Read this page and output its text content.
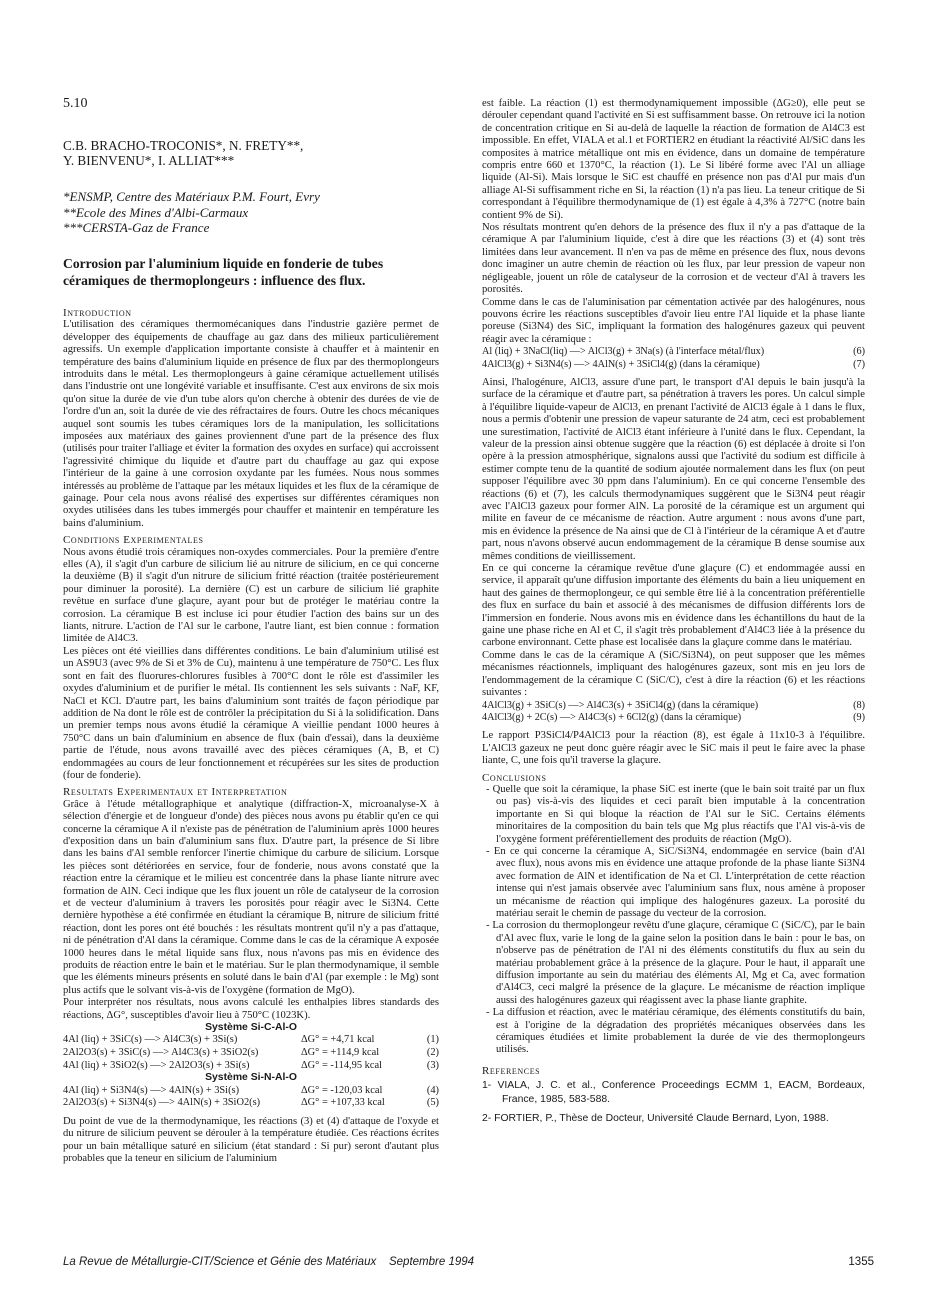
5.10

C.B. BRACHO-TROCONIS*, N. FRETY**,
Y. BIENVENU*, I. ALLIAT***
*ENSMP, Centre des Matériaux P.M. Fourt, Evry
**Ecole des Mines d'Albi-Carmaux
***CERSTA-Gaz de France

Corrosion par l'aluminium liquide en fonderie de tubes céramiques de thermoplongeurs : influence des flux.

Introduction

L'utilisation des céramiques thermomécaniques dans l'industrie gazière permet de développer des équipements de chauffage au gaz dans des milieux particulièrement agressifs. Un exemple d'application importante consiste à chauffer et à maintenir en température des bains d'aluminium liquide en présence de flux par des thermoplongeurs introduits dans le métal. Les thermoplongeurs à gaine céramique actuellement utilisés dans l'industrie ont une longévité variable et insuffisante. C'est aux environs de six mois qu'on situe la durée de vie d'un tube alors qu'on cherche à obtenir des durées de vie de l'ordre d'un an, soit la durée de vie des réfractaires de fours. Outre les chocs mécaniques auquel sont soumis les tubes céramiques lors de la manipulation, les sollicitations imposées aux matériaux des gaines proviennent d'une part de la présence des flux (utilisés pour traiter l'alliage et éviter la formation des oxydes en surface) qui accroissent l'agressivité chimique du liquide et d'autre part du chauffage au gaz qui expose l'intérieur de la gaine à une corrosion oxydante par les fumées. Nous nous sommes intéressés au problème de l'attaque par les métaux liquides et les flux de la céramique de gainage. Pour cela nous avons réalisé des expertises sur différentes céramiques non oxydes utilisées dans les tubes immergés pour chauffer et maintenir en température les bains d'aluminium.

Conditions Experimentales

Nous avons étudié trois céramiques non-oxydes commerciales. Pour la première d'entre elles (A), il s'agit d'un carbure de silicium lié au nitrure de silicium, en ce qui concerne la deuxième (B) il s'agit d'un nitrure de silicium fritté réaction (traitée postérieurement pour diminuer la porosité). La dernière (C) est un carbure de silicium lié graphite revêtue en surface d'une glaçure, ayant pour but de protéger le matériau contre la corrosion. La céramique B est incluse ici pour étudier l'action des bains sur un des liants, nitrure. L'action de l'Al sur le carbone, l'autre liant, est bien connue : formation limitée de Al4C3.

Les pièces ont été vieillies dans différentes conditions. Le bain d'aluminium utilisé est un AS9U3 (avec 9% de Si et 3% de Cu), maintenu à une température de 750°C. Les flux sont en fait des fluorures-chlorures fusibles à 700°C dont le rôle est d'assimiler les oxydes d'aluminium et de purifier le métal. Ils contiennent les sels suivants : NaF, KF, NaCl et KCl. D'autre part, les bains d'aluminium sont traités de façon périodique par addition de Na dont le rôle est de contrôler la précipitation du Si à la solidification. Dans un premier temps nous avons étudié la céramique A vieillie pendant 1000 heures à 750°C dans un bain d'aluminium en absence de flux (bain d'essai), dans la deuxième partie de l'étude, nous avons travaillé avec des pièces céramiques (A, B, et C) endommagées au cours de leur fonctionnement et récupérées sur les sites de production (four de fonderie).

Resultats Experimentaux et Interpretation

Grâce à l'étude métallographique et analytique (diffraction-X, microanalyse-X à sélection d'énergie et de longueur d'onde) des pièces nous avons pu établir qu'en ce qui concerne la céramique A il n'existe pas de pénétration de l'aluminium après 1000 heures d'exposition dans un bain d'aluminium sans flux. D'autre part, la présence de Si libre dans les bains d'Al semble renforcer l'inertie chimique du carbure de silicium. Lorsque les pièces sont détériorées en service, four de fonderie, nous avons constaté que la réaction entre la céramique et le milieu est concentrée dans la phase liante nitrure avec formation de AlN. Ceci indique que les flux jouent un rôle de catalyseur de la corrosion et de vecteur d'aluminium à travers les porosités pour réagir avec le Si3N4. Cette dernière hypothèse a été confirmée en étudiant la céramique B, nitrure de silicium fritté réaction, dont les pores ont été bouchés : les résultats montrent qu'il n'y a pas d'attaque, ni de pénétration d'Al dans la céramique. Comme dans le cas de la céramique A exposée 1000 heures dans le métal liquide sans flux, nous n'avons pas mis en évidence des produits de réaction entre le bain et le matériau. Sur le plan thermodynamique, il semble que les éléments mineurs présents en soluté dans le bain d'Al (par exemple : le Mg) sont plus actifs que le solvant vis-à-vis de l'oxygène (formation de MgO).

Pour interpréter nos résultats, nous avons calculé les enthalpies libres standards des réactions, ΔG°, susceptibles d'avoir lieu à 750°C (1023K).

Système Si-C-Al-O

4Al (liq) + 3SiC(s) —> Al4C3(s) + 3Si(s)	ΔG° = +4,71 kcal	(1)
2Al2O3(s) + 3SiC(s) —> Al4C3(s) + 3SiO2(s)	ΔG° = +114,9 kcal	(2)
4Al (liq) + 3SiO2(s) —> 2Al2O3(s) + 3Si(s)	ΔG° = -114,95 kcal	(3)

Système Si-N-Al-O

4Al (liq) + Si3N4(s) —> 4AlN(s) + 3Si(s)	ΔG° = -120,03 kcal	(4)
2Al2O3(s) + Si3N4(s) —> 4AlN(s) + 3SiO2(s)	ΔG° = +107,33 kcal	(5)

Du point de vue de la thermodynamique, les réactions (3) et (4) d'attaque de l'oxyde et du nitrure de silicium peuvent se dérouler à la température étudiée. Ces réactions écrites pour un bain métallique saturé en silicium (état standard : Si pur) seront d'autant plus probables que la teneur en silicium de l'aluminium

est faible. La réaction (1) est thermodynamiquement impossible (ΔG≥0), elle peut se dérouler cependant quand l'activité en Si est suffisamment basse. On retrouve ici la notion de concentration critique en Si au-delà de laquelle la réaction de formation de Al4C3 est impossible. En effet, VIALA et al.1 et FORTIER2 en étudiant la réactivité Al/SiC dans les composites à matrice métallique ont mis en évidence, dans un domaine de température compris entre 660 et 1370°C, la réaction (1). Le Si libéré forme avec l'Al un alliage liquide (Al-Si). Mais lorsque le SiC est chauffé en présence non pas d'Al pur mais d'un alliage Al-Si suffisamment riche en Si, la réaction (1) n'a pas lieu. La teneur critique de Si correspondant à l'équilibre thermodynamique de (1) est égale à 4,3% à 727°C (notre bain contient 9% de Si).

Nos résultats montrent qu'en dehors de la présence des flux il n'y a pas d'attaque de la céramique A par l'aluminium liquide, c'est à dire que les réactions (3) et (4) sont très limitées dans leur avancement. Il n'en va pas de même en présence des flux, nous devons donc imaginer un autre chemin de réaction où les flux, par leur pression de vapeur non négligeable, jouent un rôle de catalyseur de la corrosion et de vecteur d'Al à travers les porosités.

Comme dans le cas de l'aluminisation par cémentation activée par des halogénures, nous pouvons écrire les réactions susceptibles d'avoir lieu entre l'Al liquide et la phase liante poreuse (Si3N4) des SiC, impliquant la formation des halogénures gazeux qui peuvent réagir avec la céramique :

Al (liq) + 3NaCl(liq) —> AlCl3(g) + 3Na(s) (à l'interface métal/flux)	(6)
4AlCl3(g) + Si3N4(s) —> 4AlN(s) + 3SiCl4(g) (dans la céramique)	(7)

Ainsi, l'halogénure, AlCl3, assure d'une part, le transport d'Al depuis le bain jusqu'à la surface de la céramique et d'autre part, sa pénétration à travers les pores. Un calcul simple à l'équilibre liquide-vapeur de AlCl3, en prenant l'activité de AlCl3 égale à 1 dans le flux, nous a permis d'obtenir une pression de vapeur saturante de 24 atm, ceci est probablement une surestimation, l'activité de AlCl3 étant inférieure à l'unité dans le flux. Cependant, la valeur de la pression ainsi obtenue suggère que la réaction (6) est déplacée à droite si l'on opère à la pression atmosphérique, signalons aussi que l'activité du sodium est difficile à estimer compte tenu de la quantité de sodium ajoutée normalement dans les flux (on peut supposer l'équilibre avec 30 ppm dans l'aluminium). En ce qui concerne l'ensemble des réactions (6) et (7), les calculs thermodynamiques suggèrent que le Si3N4 peut réagir avec l'AlCl3 gazeux pour former AlN. La porosité de la céramique est un argument qui milite en faveur de ce mécanisme de réaction. Autre argument : nous avons d'une part, mis en évidence la présence de Na ainsi que de Cl à l'intérieur de la céramique A et d'autre part, nous n'avons observé aucun endommagement de la céramique B dense soumise aux mêmes conditions de vieillissement.

En ce qui concerne la céramique revêtue d'une glaçure (C) et endommagée aussi en service, il apparaît qu'une diffusion importante des éléments du bain a lieu uniquement en haut des gaines de thermoplongeur, ce qui semble être lié à la concentration préférentielle des flux en surface du bain et associé à des mécanismes de diffusion différents lors de l'immersion en fonderie. Nous avons mis en évidence dans les échantillons du haut de la gaine une phase riche en Al et C, il s'agit très probablement d'Al4C3 liée à la présence du carbone environnant. Cette phase est localisée dans la glaçure comme dans le matériau.

Comme dans le cas de la céramique A (SiC/Si3N4), on peut supposer que les mêmes mécanismes réactionnels, impliquant des halogénures gazeux, sont mis en jeu lors de l'endommagement de la céramique C (SiC/C), c'est à dire la réaction (6) et les réactions suivantes :

4AlCl3(g) + 3SiC(s) —> Al4C3(s) + 3SiCl4(g) (dans la céramique)	(8)
4AlCl3(g) + 2C(s) —> Al4C3(s) + 6Cl2(g) (dans la céramique)	(9)

Le rapport P3SiCl4/P4AlCl3 pour la réaction (8), est égale à 11x10-3 à l'équilibre. L'AlCl3 gazeux ne peut donc guère réagir avec le SiC mais il peut le faire avec la phase liante, C, une fois qu'il traverse la glaçure.

Conclusions

- Quelle que soit la céramique, la phase SiC est inerte (que le bain soit traité par un flux ou pas) vis-à-vis des liquides et ceci paraît bien imputable à la concentration importante en Si qui bloque la réaction de l'Al sur le SiC. Certains éléments minoritaires de la composition du bain tels que Mg plus réactifs que l'Al vis-à-vis de l'oxygène forment préférentiellement des produits de réaction (MgO).
- En ce qui concerne la céramique A, SiC/Si3N4, endommagée en service (bain d'Al avec flux), nous avons mis en évidence une attaque profonde de la phase liante Si3N4 avec formation de AlN et identification de Na et Cl. L'interprétation de cette réaction intense qui n'est jamais observée avec l'aluminium sans flux, nous amène à proposer un mécanisme de réaction qui implique des halogénures gazeux. La porosité du matériau serait le chemin de passage du vecteur de la corrosion.
- La corrosion du thermoplongeur revêtu d'une glaçure, céramique C (SiC/C), par le bain d'Al avec flux, varie le long de la gaine selon la position dans le bain : pour le bas, on n'observe pas de pénétration de l'Al ni des éléments constitutifs du flux au sein du matériau probablement grâce à la présence de la glaçure. Pour le haut, il apparaît une diffusion importante au sein du matériau des éléments Al, Mg et Ca, avec formation d'Al4C3, ceci malgré la présence de la glaçure. Le mécanisme de réaction implique aussi des halogénures gazeux qui réagissent avec la phase liante graphite.
- La diffusion et réaction, avec le matériau céramique, des éléments constitutifs du bain, est à l'origine de la dégradation des propriétés mécaniques observées dans les céramiques étudiées et limite probablement la durée de vie des thermoplongeurs utilisés.

References

1- VIALA, J. C. et al., Conference Proceedings ECMM 1, EACM, Bordeaux, France, 1985, 583-588.

2- FORTIER, P., Thèse de Docteur, Université Claude Bernard, Lyon, 1988.

La Revue de Métallurgie-CIT/Science et Génie des Matériaux    Septembre 1994	1355
